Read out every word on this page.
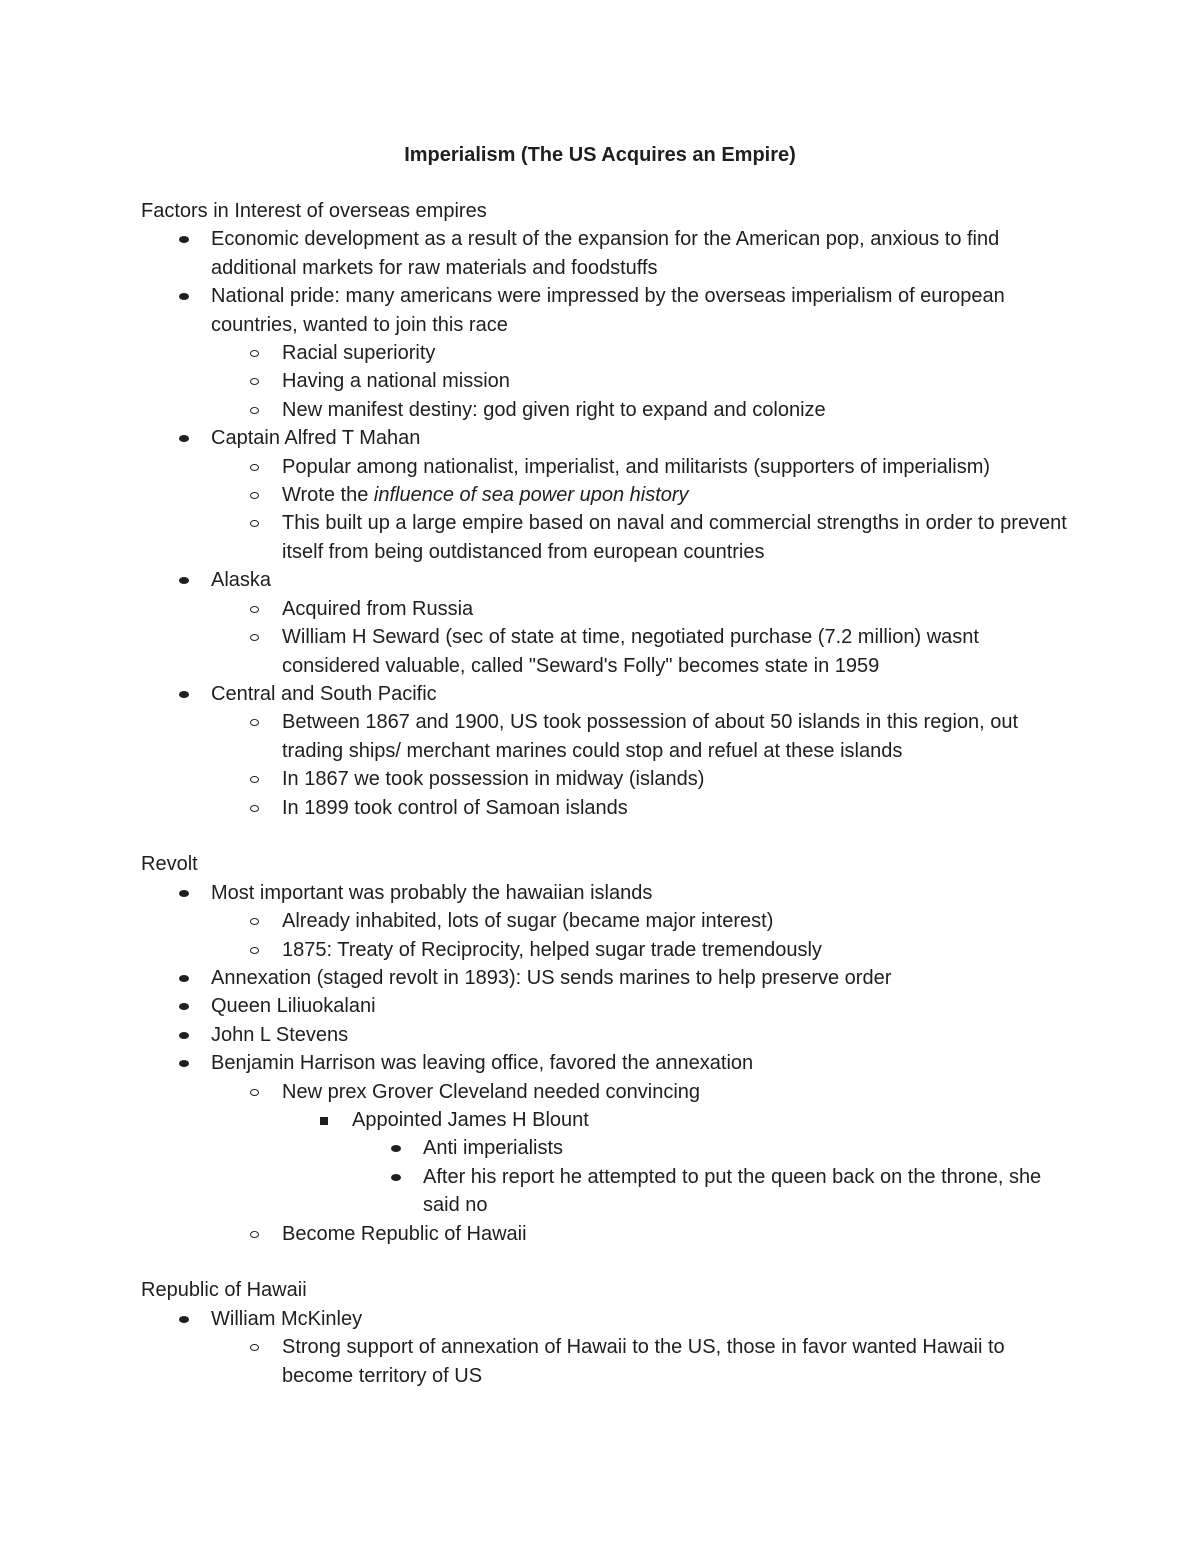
Imperialism (The US Acquires an Empire)
Factors in Interest of overseas empires
Economic development as a result of the expansion for the American pop, anxious to find additional markets for raw materials and foodstuffs
National pride: many americans were impressed by the overseas imperialism of european countries, wanted to join this race
Racial superiority
Having a national mission
New manifest destiny: god given right to expand and colonize
Captain Alfred T Mahan
Popular among nationalist, imperialist, and militarists (supporters of imperialism)
Wrote the influence of sea power upon history
This built up a large empire based on naval and commercial strengths in order to prevent itself from being outdistanced from european countries
Alaska
Acquired from Russia
William H Seward (sec of state at time, negotiated purchase (7.2 million) wasnt considered valuable, called "Seward's Folly" becomes state in 1959
Central and South Pacific
Between 1867 and 1900, US took possession of about 50 islands in this region, out trading ships/ merchant marines could stop and refuel at these islands
In 1867 we took possession in midway (islands)
In 1899 took control of Samoan islands
Revolt
Most important was probably the hawaiian islands
Already inhabited, lots of sugar (became major interest)
1875: Treaty of Reciprocity, helped sugar trade tremendously
Annexation (staged revolt in 1893): US sends marines to help preserve order
Queen Liliuokalani
John L Stevens
Benjamin Harrison was leaving office, favored the annexation
New prex Grover Cleveland needed convincing
Appointed James H Blount
Anti imperialists
After his report he attempted to put the queen back on the throne, she said no
Become Republic of Hawaii
Republic of Hawaii
William McKinley
Strong support of annexation of Hawaii to the US, those in favor wanted Hawaii to become territory of US
